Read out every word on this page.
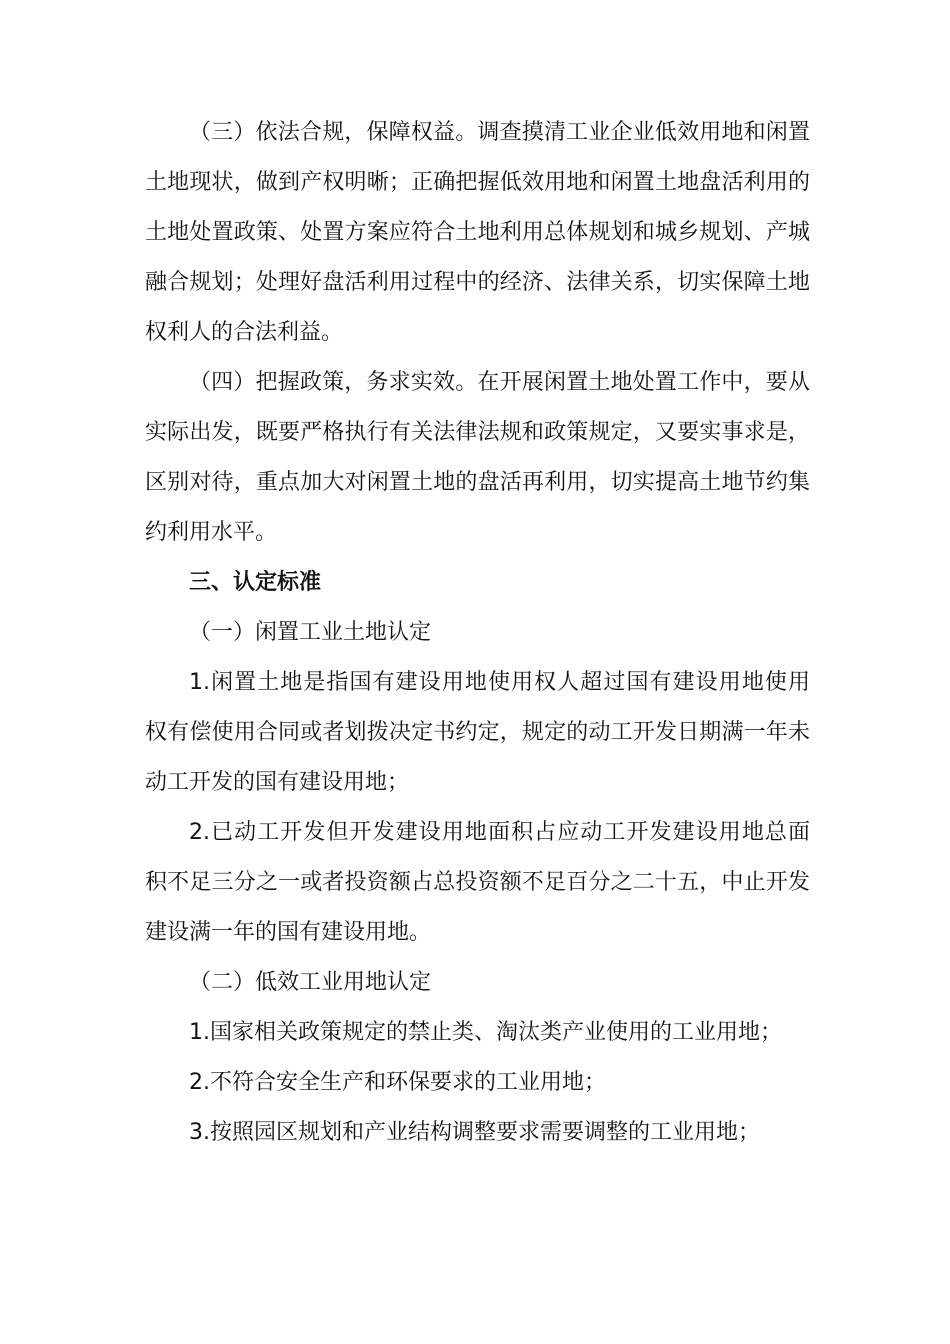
（三）依法合规，保障权益。调查摸清工业企业低效用地和闲置
土地现状，做到产权明晰；正确把握低效用地和闲置土地盘活利用的
土地处置政策、处置方案应符合土地利用总体规划和城乡规划、产城
融合规划；处理好盘活利用过程中的经济、法律关系，切实保障土地
权利人的合法利益。
（四）把握政策，务求实效。在开展闲置土地处置工作中，要从
实际出发，既要严格执行有关法律法规和政策规定，又要实事求是，
区别对待，重点加大对闲置土地的盘活再利用，切实提高土地节约集
约利用水平。
三、认定标准
（一）闲置工业土地认定
1.闲置土地是指国有建设用地使用权人超过国有建设用地使用
权有偿使用合同或者划拨决定书约定，规定的动工开发日期满一年未
动工开发的国有建设用地；
2.已动工开发但开发建设用地面积占应动工开发建设用地总面
积不足三分之一或者投资额占总投资额不足百分之二十五，中止开发
建设满一年的国有建设用地。
（二）低效工业用地认定
1.国家相关政策规定的禁止类、淘汰类产业使用的工业用地；
2.不符合安全生产和环保要求的工业用地；
3.按照园区规划和产业结构调整要求需要调整的工业用地；
